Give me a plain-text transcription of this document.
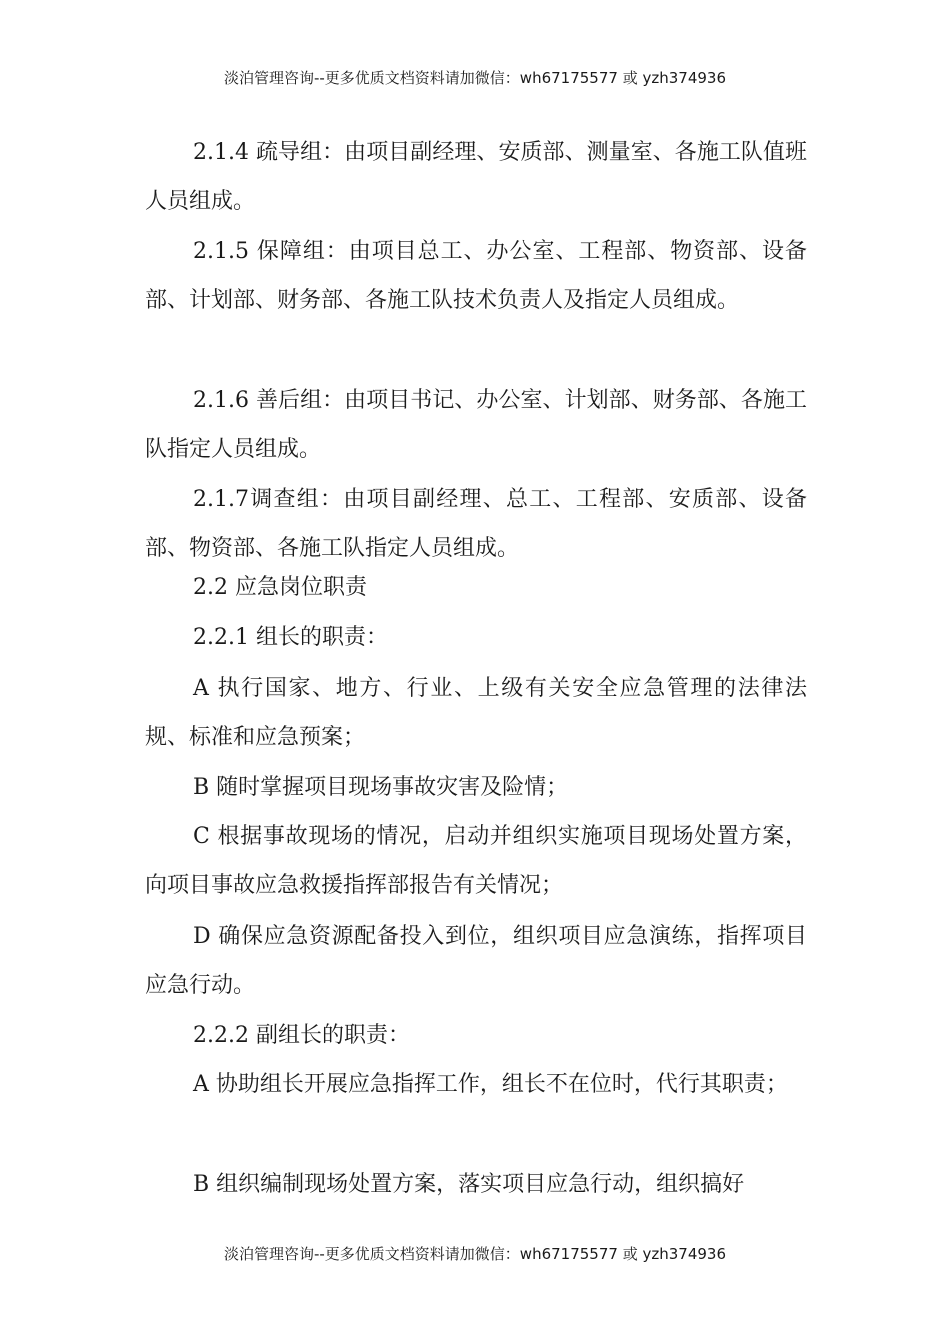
淡泊管理咨询--更多优质文档资料请加微信：wh67175577 或 yzh374936

2.1.4 疏导组：由项目副经理、安质部、测量室、各施工队值班人员组成。

2.1.5 保障组：由项目总工、办公室、工程部、物资部、设备部、计划部、财务部、各施工队技术负责人及指定人员组成。

2.1.6 善后组：由项目书记、办公室、计划部、财务部、各施工队指定人员组成。

2.1.7调查组：由项目副经理、总工、工程部、安质部、设备部、物资部、各施工队指定人员组成。

2.2 应急岗位职责

2.2.1 组长的职责：

A 执行国家、地方、行业、上级有关安全应急管理的法律法规、标准和应急预案；

B 随时掌握项目现场事故灾害及险情；

C 根据事故现场的情况，启动并组织实施项目现场处置方案，向项目事故应急救援指挥部报告有关情况；

D 确保应急资源配备投入到位，组织项目应急演练，指挥项目应急行动。

2.2.2 副组长的职责：

A 协助组长开展应急指挥工作，组长不在位时，代行其职责；

B 组织编制现场处置方案，落实项目应急行动，组织搞好

淡泊管理咨询--更多优质文档资料请加微信：wh67175577 或 yzh374936
